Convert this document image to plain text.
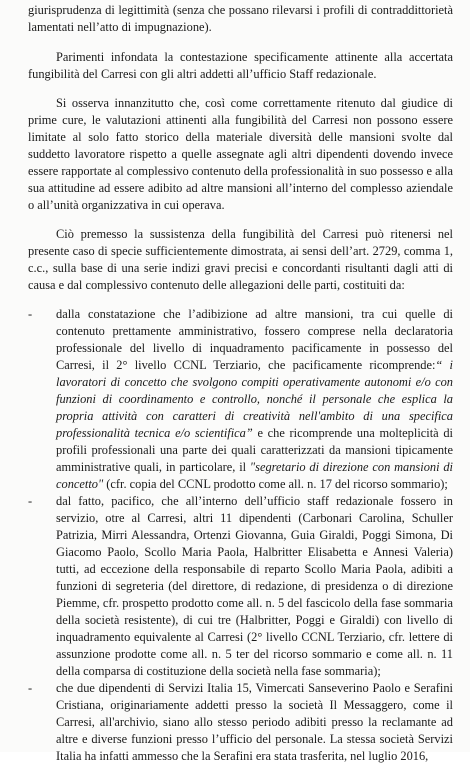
giurisprudenza di legittimità (senza che possano rilevarsi i profili di contraddittorietà lamentati nell’atto di impugnazione).

Parimenti infondata la contestazione specificamente attinente alla accertata fungibilità del Carresi con gli altri addetti all’ufficio Staff redazionale.

Si osserva innanzitutto che, così come correttamente ritenuto dal giudice di prime cure, le valutazioni attinenti alla fungibilità del Carresi non possono essere limitate al solo fatto storico della materiale diversità delle mansioni svolte dal suddetto lavoratore rispetto a quelle assegnate agli altri dipendenti dovendo invece essere rapportate al complessivo contenuto della professionalità in suo possesso e alla sua attitudine ad essere adibito ad altre mansioni all’interno del complesso aziendale o all’unità organizzativa in cui operava.

Ciò premesso la sussistenza della fungibilità del Carresi può ritenersi nel presente caso di specie sufficientemente dimostrata, ai sensi dell’art. 2729, comma 1, c.c., sulla base di una serie indizi gravi precisi e concordanti risultanti dagli atti di causa e dal complessivo contenuto delle allegazioni delle parti, costituiti da:

- dalla constatazione che l’adibizione ad altre mansioni, tra cui quelle di contenuto prettamente amministrativo, fossero comprese nella declaratoria professionale del livello di inquadramento pacificamente in possesso del Carresi, il 2° livello CCNL Terziario, che pacificamente ricomprende:“ i lavoratori di concetto che svolgono compiti operativamente autonomi e/o con funzioni di coordinamento e controllo, nonché il personale che esplica la propria attività con caratteri di creatività nell'ambito di una specifica professionalità tecnica e/o scientifica” e che ricomprende una molteplicità di profili professionali una parte dei quali caratterizzati da mansioni tipicamente amministrative quali, in particolare, il "segretario di direzione con mansioni di concetto" (cfr. copia del CCNL prodotto come all. n. 17 del ricorso sommario);
- dal fatto, pacifico, che all’interno dell’ufficio staff redazionale fossero in servizio, otre al Carresi, altri 11 dipendenti (Carbonari Carolina, Schuller Patrizia, Mirri Alessandra, Ortenzi Giovanna, Guia Giraldi, Poggi Simona, Di Giacomo Paolo, Scollo Maria Paola, Halbritter Elisabetta e Annesi Valeria) tutti, ad eccezione della responsabile di reparto Scollo Maria Paola, adibiti a funzioni di segreteria (del direttore, di redazione, di presidenza o di direzione Piemme, cfr. prospetto prodotto come all. n. 5 del fascicolo della fase sommaria della società resistente), di cui tre (Halbritter, Poggi e Giraldi) con livello di inquadramento equivalente al Carresi (2° livello CCNL Terziario, cfr. lettere di assunzione prodotte come all. n. 5 ter del ricorso sommario e come all. n. 11 della comparsa di costituzione della società nella fase sommaria);
- che due dipendenti di Servizi Italia 15, Vimercati Sanseverino Paolo e Serafini Cristiana, originariamente addetti presso la società Il Messaggero, come il Carresi, all'archivio, siano allo stesso periodo adibiti presso la reclamante ad altre e diverse funzioni presso l’ufficio del personale. La stessa società Servizi Italia ha infatti ammesso che la Serafini era stata trasferita, nel luglio 2016,
